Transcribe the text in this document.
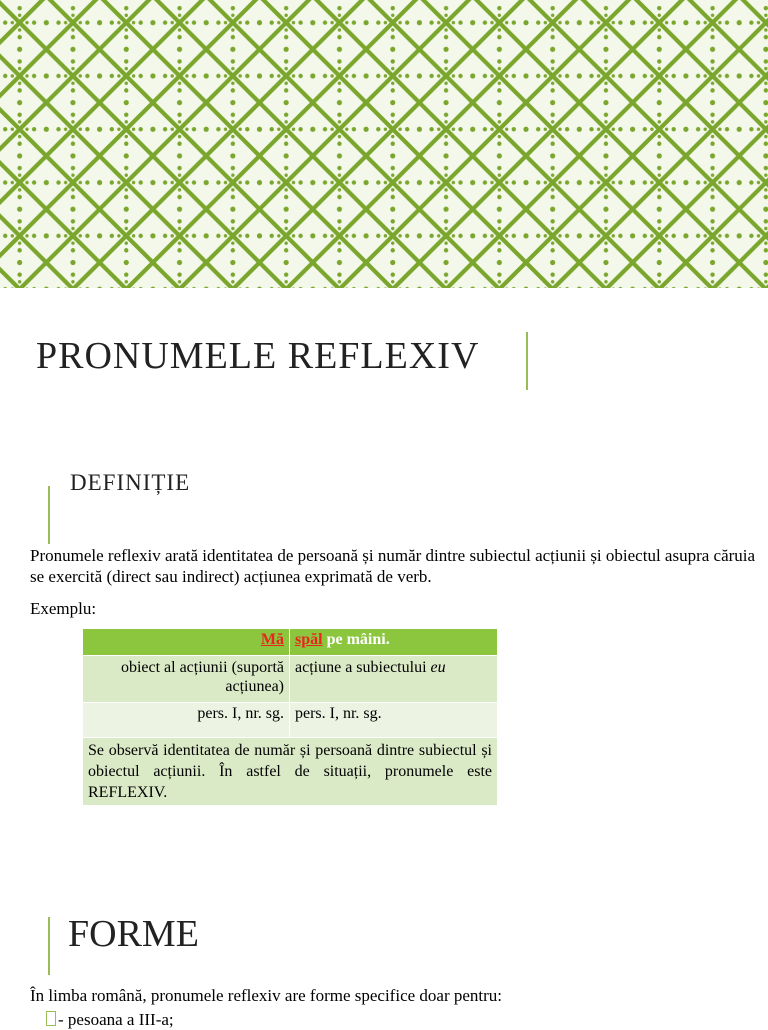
PRONUMELE REFLEXIV
DEFINIȚIE

Pronumele reflexiv arată identitatea de persoană și număr dintre subiectul acțiunii și obiectul asupra căruia se exercită (direct sau indirect) acțiunea exprimată de verb.

Exemplu:

Mă	spăl pe mâini.
obiect al acțiunii (suportă acțiunea)	acțiune a subiectului eu
pers. I, nr. sg.	pers. I, nr. sg.
Se observă identitatea de număr și persoană dintre subiectul și obiectul acțiunii. În astfel de situații, pronumele este REFLEXIV.	
FORME

În limba română, pronumele reflexiv are forme specifice doar pentru:

- pesoana a III-a;
